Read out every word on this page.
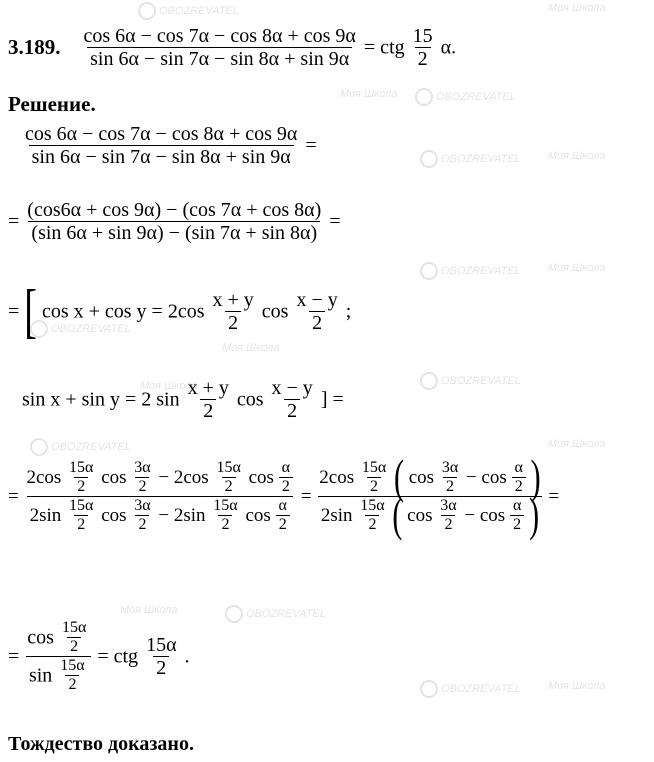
OBOZREVATEL	Моя Школа
OBOZREVATEL
Моя Школа
OBOZREVATEL Моя Школа
OBOZREVATEL Моя Школа
OBOZREVATEL
Моя Школа
OBOZREVATEL
Моя Школа
OBOZREVATEL	Моя Школа
Моя Школа	OBOZREVATEL
Моя Школа
OBOZREVATEL
3.189. $\frac{\cos 6\alpha - \cos 7\alpha - \cos 8\alpha + \cos 9\alpha}{\sin 6\alpha - \sin 7\alpha - \sin 8\alpha + \sin 9\alpha}$ = ctg $\frac{15}{2} \alpha$.
Решение.
$\frac{\cos 6\alpha - \cos 7\alpha - \cos 8\alpha + \cos 9\alpha}{\sin 6\alpha - \sin 7\alpha - \sin 8\alpha + \sin 9\alpha}$ =
= $\frac{(\cos 6\alpha + \cos 9\alpha) - (\cos 7\alpha + \cos 8\alpha)}{(\sin 6\alpha + \sin 9\alpha) - (\sin 7\alpha + \sin 8\alpha)}$ =
= [ $\cos x + \cos y = 2\cos \frac{x + y}{2}$ $\cos \frac{x - y}{2}$ ;
sin x + sin y = 2 $\sin \frac{x + y}{2}$ $\cos \frac{x - y}{2}$ ] =
=
$2\cos \frac{15\alpha}{2}$ $\cos \frac{3\alpha}{2} - 2\cos \frac{15\alpha}{2}$ $\cos \frac{\alpha}{2}$
$2\sin \frac{15\alpha}{2}$ $\cos \frac{3\alpha}{2} - 2\sin \frac{15\alpha}{2}$ $\cos \frac{\alpha}{2}$
=
$2\cos \frac{15\alpha}{2}$ ( $\cos \frac{3\alpha}{2} - \cos \frac{\alpha}{2}$ )
$2\sin \frac{15\alpha}{2}$ ( $\cos \frac{3\alpha}{2} - \cos \frac{\alpha}{2}$ ) =
= $\frac{\cos \frac{15\alpha}{2}}{\sin \frac{15\alpha}{2}}$ = ctg $\frac{15\alpha}{2}$ .
Тождество доказано.
